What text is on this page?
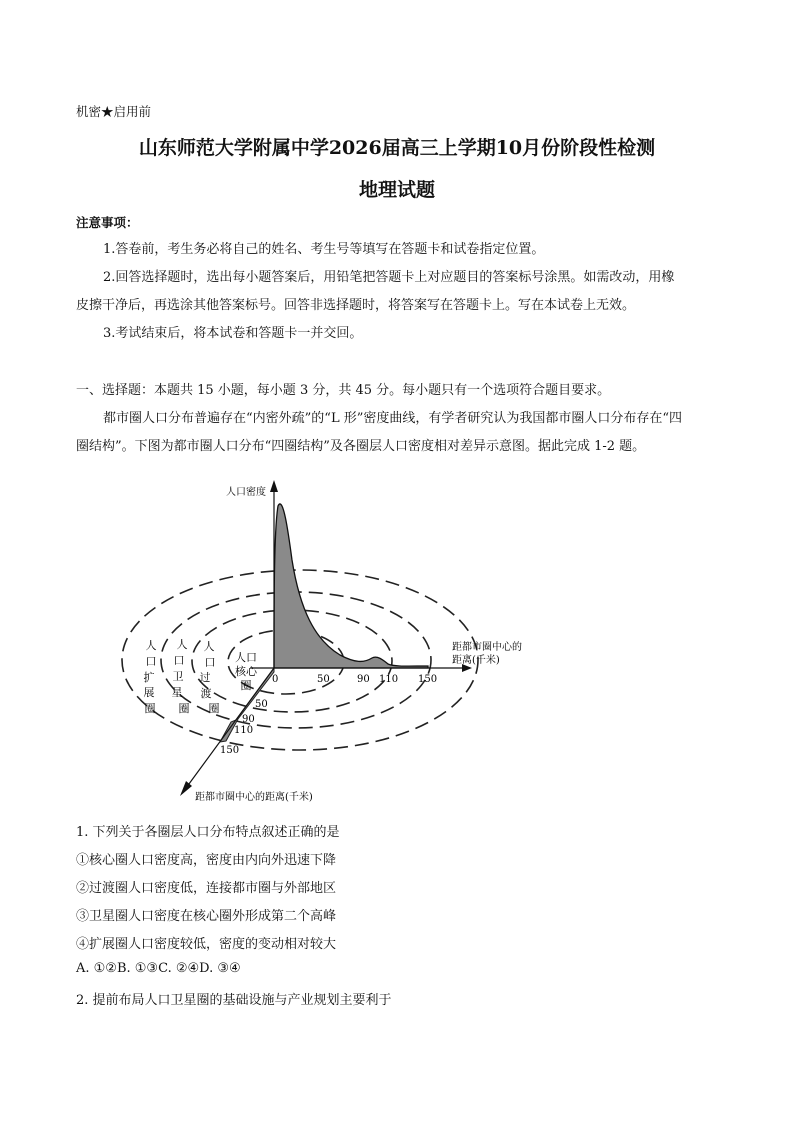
机密★启用前
山东师范大学附属中学2026届高三上学期10月份阶段性检测
地理试题
注意事项：
1.答卷前，考生务必将自己的姓名、考生号等填写在答题卡和试卷指定位置。
2.回答选择题时，选出每小题答案后，用铅笔把答题卡上对应题目的答案标号涂黑。如需改动，用橡
皮擦干净后，再选涂其他答案标号。回答非选择题时，将答案写在答题卡上。写在本试卷上无效。
3.考试结束后，将本试卷和答题卡一并交回。
一、选择题：本题共 15 小题，每小题 3 分，共 45 分。每小题只有一个选项符合题目要求。
都市圈人口分布普遍存在“内密外疏”的“L 形”密度曲线，有学者研究认为我国都市圈人口分布存在“四
圈结构”。下图为都市圈人口分布“四圈结构”及各圈层人口密度相对差异示意图。据此完成 1-2 题。
人口密度
距都市圈中心的
距离(千米)
距都市圈中心的距离(千米)
0	50	90 110 150
50
90
110
150
人
口
扩
展
圈
人
口
卫
星
圈
人
口
过
渡
圈
人口
核心
圈
1. 下列关于各圈层人口分布特点叙述正确的是
①核心圈人口密度高，密度由内向外迅速下降
②过渡圈人口密度低，连接都市圈与外部地区
③卫星圈人口密度在核心圈外形成第二个高峰
④扩展圈人口密度较低，密度的变动相对较大
A. ①②B. ①③C. ②④D. ③④
2. 提前布局人口卫星圈的基础设施与产业规划主要利于
